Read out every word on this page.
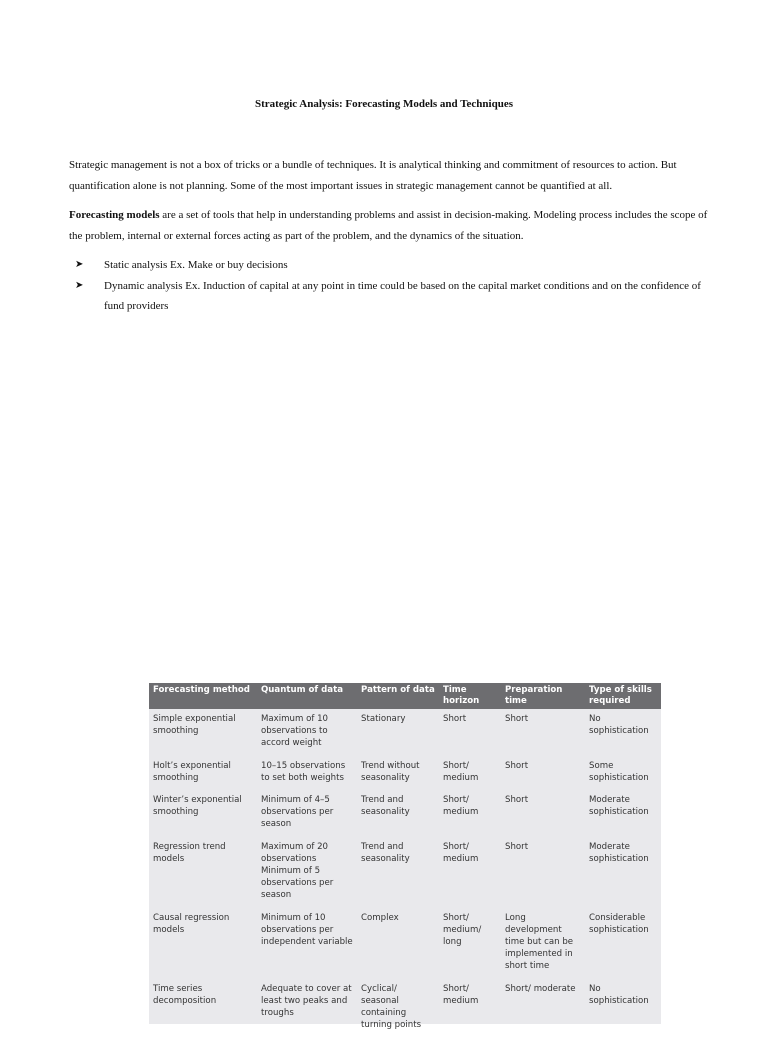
Strategic Analysis: Forecasting Models and Techniques

Strategic management is not a box of tricks or a bundle of techniques. It is analytical thinking and commitment of resources to action. But quantification alone is not planning. Some of the most important issues in strategic management cannot be quantified at all.

Forecasting models are a set of tools that help in understanding problems and assist in decision-making. Modeling process includes the scope of the problem, internal or external forces acting as part of the problem, and the dynamics of the situation.

➤ Static analysis Ex. Make or buy decisions
➤ Dynamic analysis Ex. Induction of capital at any point in time could be based on the capital market conditions and on the confidence of fund providers
Forecasting method	Quantum of data	Pattern of data	Time horizon	Preparation time	Type of skills required
Simple exponential smoothing	Maximum of 10 observations to accord weight	Stationary	Short	Short	No sophistication
Holt’s exponential smoothing	10–15 observations to set both weights	Trend without seasonality	Short/ medium	Short	Some sophistication
Winter’s exponential smoothing	Minimum of 4–5 observations per season	Trend and seasonality	Short/ medium	Short	Moderate sophistication
Regression trend models	Maximum of 20 observations Minimum of 5 observations per season	Trend and seasonality	Short/ medium	Short	Moderate sophistication
Causal regression models	Minimum of 10 observations per independent variable	Complex	Short/ medium/ long	Long development time but can be implemented in short time	Considerable sophistication
Time series decomposition	Adequate to cover at least two peaks and troughs	Cyclical/ seasonal containing turning points	Short/ medium	Short/ moderate	No sophistication
